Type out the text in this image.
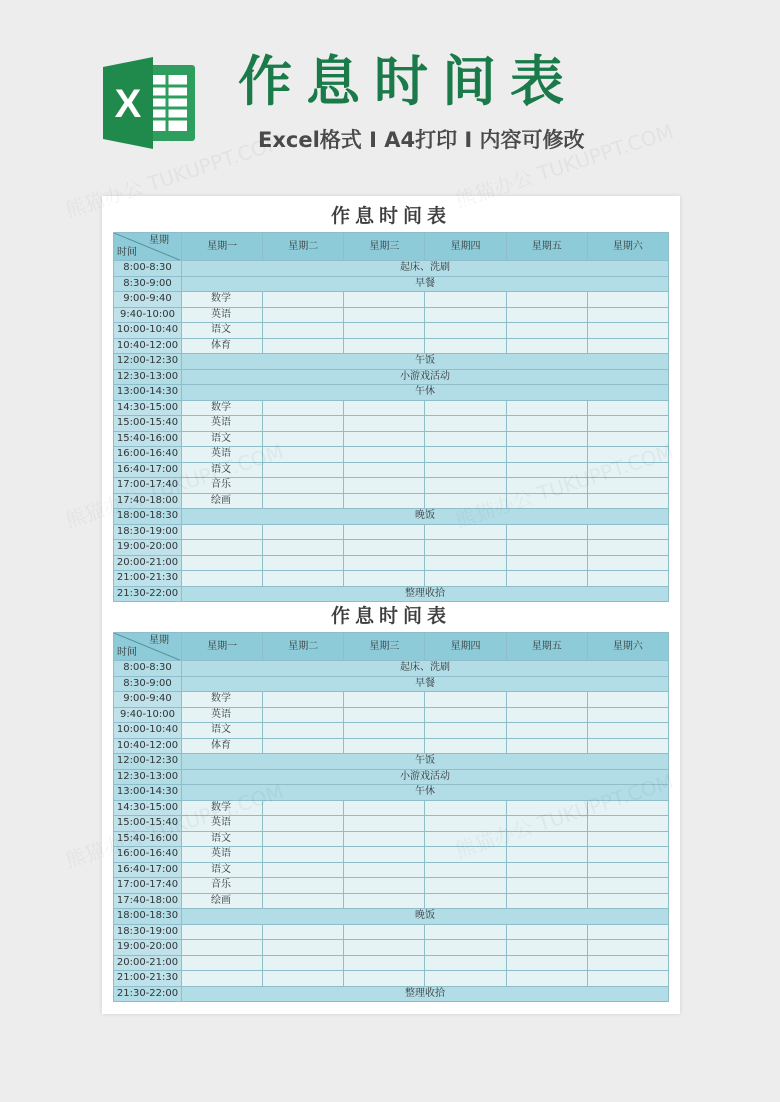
X 作息时间表

Excel格式 I A4打印 I 内容可修改

作息时间表
星期
时间	星期一	星期二	星期三	星期四	星期五	星期六
8:00-8:30	起床、洗刷					
8:30-9:00	早餐					
9:00-9:40	数学					
9:40-10:00	英语					
10:00-10:40	语文					
10:40-12:00	体育					
12:00-12:30	午饭					
12:30-13:00	小游戏活动					
13:00-14:30	午休					
14:30-15:00	数学					
15:00-15:40	英语					
15:40-16:00	语文					
16:00-16:40	英语					
16:40-17:00	语文					
17:00-17:40	音乐					
17:40-18:00	绘画					
18:00-18:30	晚饭					
18:30-19:00						
19:00-20:00						
20:00-21:00						
21:00-21:30						
21:30-22:00	整理收拾					
作息时间表
星期
时间	星期一	星期二	星期三	星期四	星期五	星期六
8:00-8:30	起床、洗刷					
8:30-9:00	早餐					
9:00-9:40	数学					
9:40-10:00	英语					
10:00-10:40	语文					
10:40-12:00	体育					
12:00-12:30	午饭					
12:30-13:00	小游戏活动					
13:00-14:30	午休					
14:30-15:00	数学					
15:00-15:40	英语					
15:40-16:00	语文					
16:00-16:40	英语					
16:40-17:00	语文					
17:00-17:40	音乐					
17:40-18:00	绘画					
18:00-18:30	晚饭					
18:30-19:00						
19:00-20:00						
20:00-21:00						
21:00-21:30						
21:30-22:00	整理收拾					
